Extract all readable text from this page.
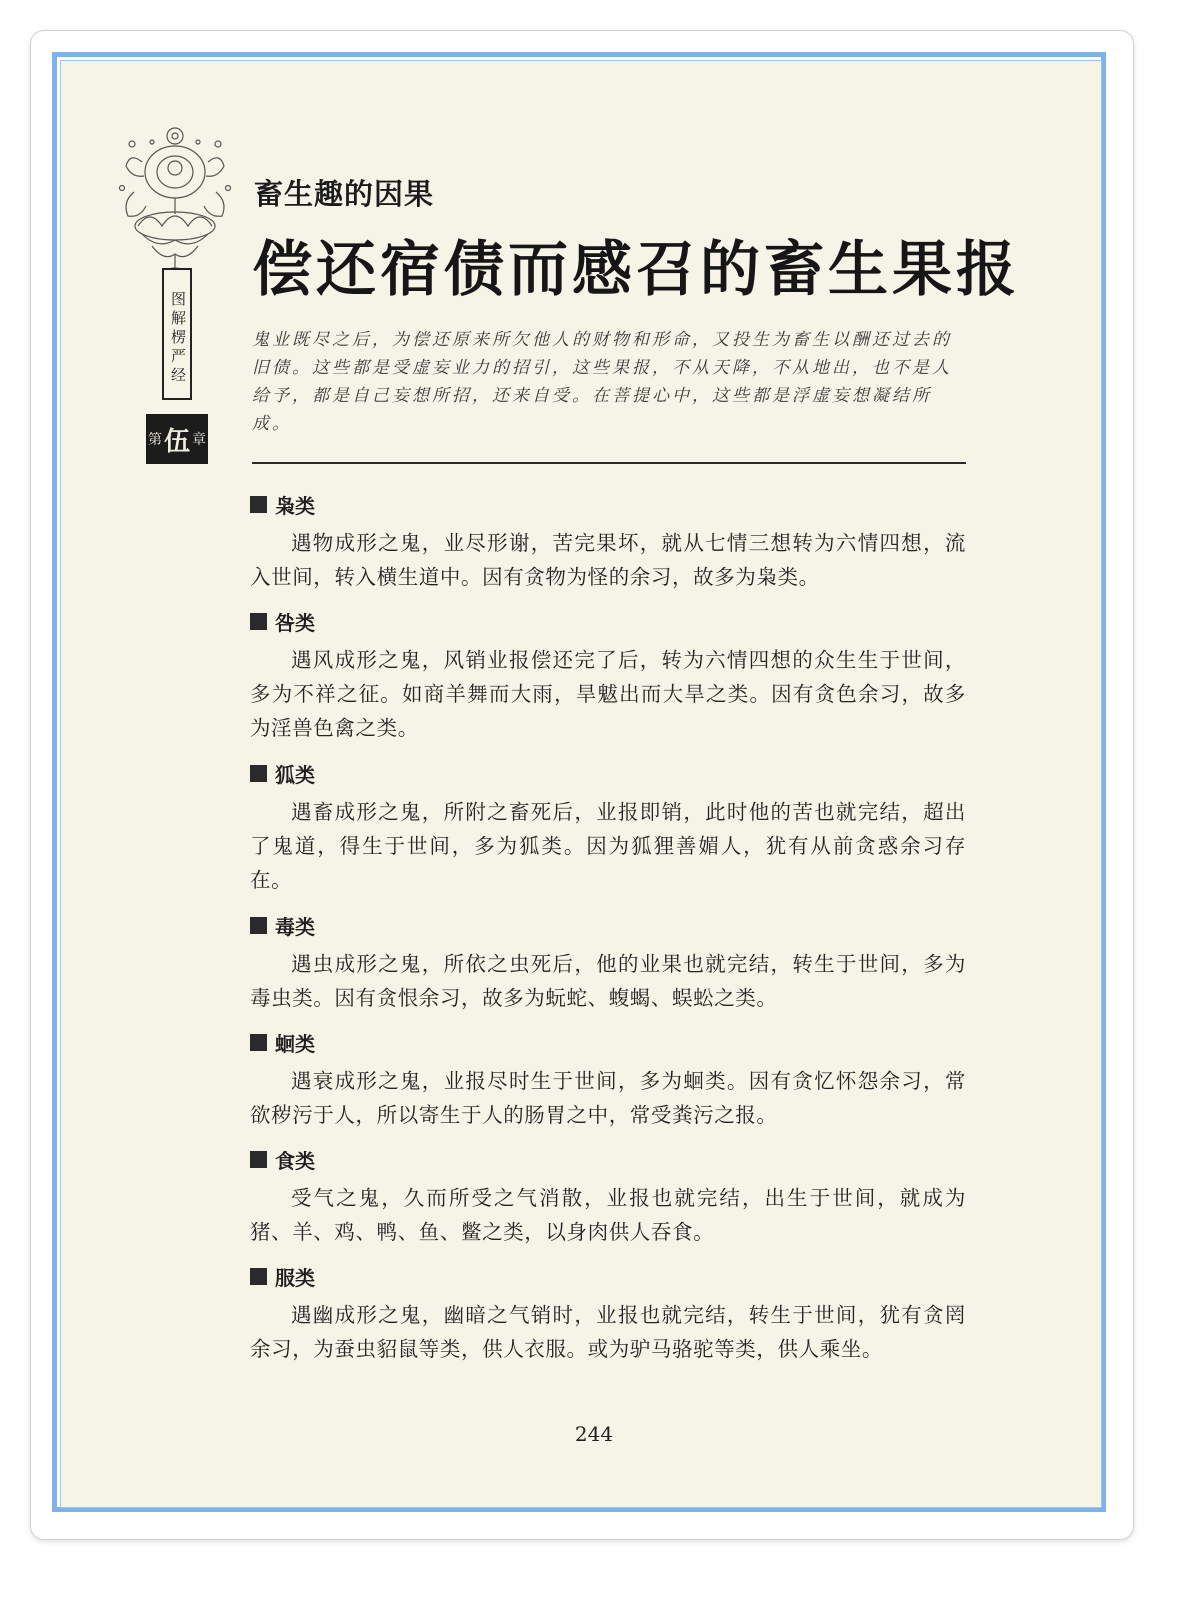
图解楞严经
第 伍 章
畜生趣的因果
偿还宿债而感召的畜生果报
鬼业既尽之后，为偿还原来所欠他人的财物和形命，又投生为畜生以酬还过去的旧债。这些都是受虚妄业力的招引，这些果报，不从天降，不从地出，也不是人给予，都是自己妄想所招，还来自受。在菩提心中，这些都是浮虚妄想凝结所成。
枭类
遇物成形之鬼，业尽形谢，苦完果坏，就从七情三想转为六情四想，流入世间，转入横生道中。因有贪物为怪的余习，故多为枭类。
咎类
遇风成形之鬼，风销业报偿还完了后，转为六情四想的众生生于世间，多为不祥之征。如商羊舞而大雨，旱魃出而大旱之类。因有贪色余习，故多为淫兽色禽之类。
狐类
遇畜成形之鬼，所附之畜死后，业报即销，此时他的苦也就完结，超出了鬼道，得生于世间，多为狐类。因为狐狸善媚人，犹有从前贪惑余习存在。
毒类
遇虫成形之鬼，所依之虫死后，他的业果也就完结，转生于世间，多为毒虫类。因有贪恨余习，故多为蚖蛇、蝮蝎、蜈蚣之类。
蛔类
遇衰成形之鬼，业报尽时生于世间，多为蛔类。因有贪忆怀怨余习，常欲秽污于人，所以寄生于人的肠胃之中，常受粪污之报。
食类
受气之鬼，久而所受之气消散，业报也就完结，出生于世间，就成为猪、羊、鸡、鸭、鱼、鳖之类，以身肉供人吞食。
服类
遇幽成形之鬼，幽暗之气销时，业报也就完结，转生于世间，犹有贪罔余习，为蚕虫貂鼠等类，供人衣服。或为驴马骆驼等类，供人乘坐。
244
